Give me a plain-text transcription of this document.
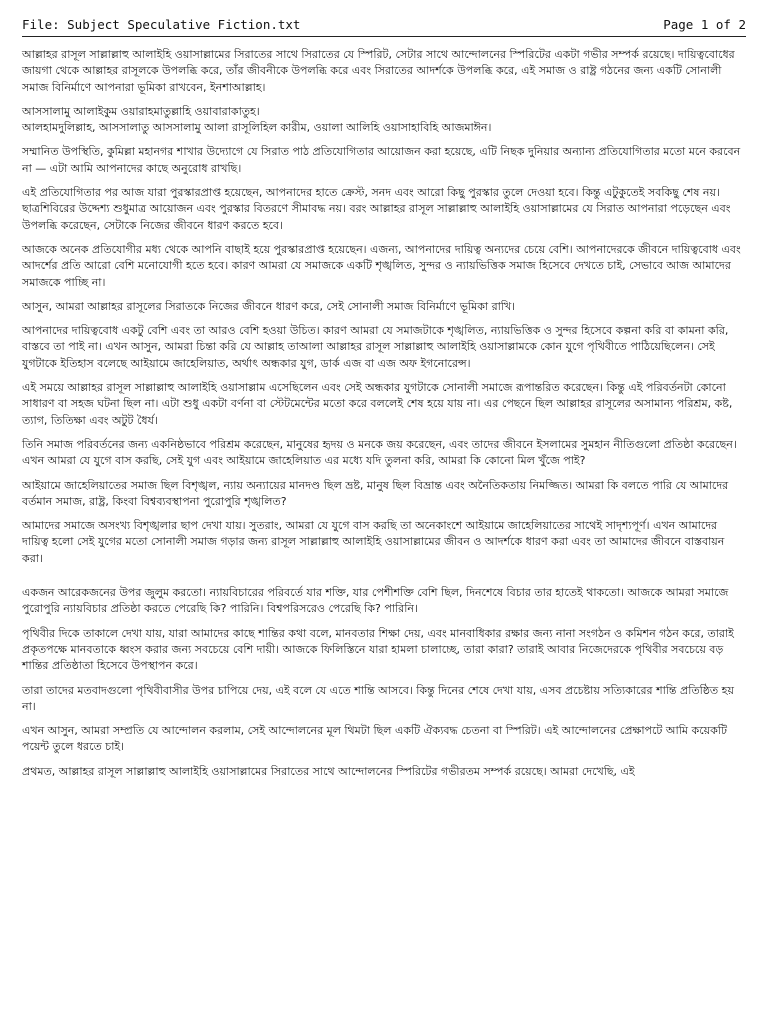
File: Subject Speculative Fiction.txt	Page 1 of 2

আল্লাহর রাসূল সাল্লাল্লাহু আলাইহি ওয়াসাল্লামের সিরাতের সাথে সিরাতের যে স্পিরিট, সেটার সাথে আন্দোলনের স্পিরিটের একটা গভীর সম্পর্ক রয়েছে। দায়িত্ববোধের জায়গা থেকে আল্লাহর রাসূলকে উপলব্ধি করে, তাঁর জীবনীকে উপলব্ধি করে এবং সিরাতের আদর্শকে উপলব্ধি করে, এই সমাজ ও রাষ্ট্র গঠনের জন্য একটি সোনালী সমাজ বিনির্মাণে আপনারা ভূমিকা রাখবেন, ইনশাআল্লাহ।

আসসালামু আলাইকুম ওয়ারাহমাতুল্লাহি ওয়াবারাকাতুহ।
আলহামদুলিল্লাহ, আসসালাতু আসসালামু আলা রাসূলিহিল কারীম, ওয়ালা আলিহি ওয়াসাহাবিহি আজমাঈন।

সম্মানিত উপস্থিতি, কুমিল্লা মহানগর শাখার উদ্যোগে যে সিরাত পাঠ প্রতিযোগিতার আয়োজন করা হয়েছে, এটি নিছক দুনিয়ার অন্যান্য প্রতিযোগিতার মতো মনে করবেন না — এটা আমি আপনাদের কাছে অনুরোধ রাখছি।

এই প্রতিযোগিতার পর আজ যারা পুরস্কারপ্রাপ্ত হয়েছেন, আপনাদের হাতে ক্রেস্ট, সনদ এবং আরো কিছু পুরস্কার তুলে দেওয়া হবে। কিন্তু এটুকুতেই সবকিছু শেষ নয়।
ছাত্রশিবিরের উদ্দেশ্য শুধুমাত্র আয়োজন এবং পুরস্কার বিতরণে সীমাবদ্ধ নয়। বরং আল্লাহর রাসূল সাল্লাল্লাহু আলাইহি ওয়াসাল্লামের যে সিরাত আপনারা পড়েছেন এবং উপলব্ধি করেছেন, সেটাকে নিজের জীবনে ধারণ করতে হবে।

আজকে অনেক প্রতিযোগীর মধ্য থেকে আপনি বাছাই হয়ে পুরস্কারপ্রাপ্ত হয়েছেন। এজন্য, আপনাদের দায়িত্ব অন্যদের চেয়ে বেশি। আপনাদেরকে জীবনে দায়িত্ববোধ এবং আদর্শের প্রতি আরো বেশি মনোযোগী হতে হবে। কারণ আমরা যে সমাজকে একটি শৃঙ্খলিত, সুন্দর ও ন্যায়ভিত্তিক সমাজ হিসেবে দেখতে চাই, সেভাবে আজ আমাদের সমাজকে পাচ্ছি না।

আসুন, আমরা আল্লাহর রাসূলের সিরাতকে নিজের জীবনে ধারণ করে, সেই সোনালী সমাজ বিনির্মাণে ভূমিকা রাখি।

আপনাদের দায়িত্ববোধ একটু বেশি এবং তা আরও বেশি হওয়া উচিত। কারণ আমরা যে সমাজটাকে শৃঙ্খলিত, ন্যায়ভিত্তিক ও সুন্দর হিসেবে কল্পনা করি বা কামনা করি, বাস্তবে তা পাই না। এখন আসুন, আমরা চিন্তা করি যে আল্লাহ তাআলা আল্লাহর রাসূল সাল্লাল্লাহু আলাইহি ওয়াসাল্লামকে কোন যুগে পৃথিবীতে পাঠিয়েছিলেন। সেই যুগটাকে ইতিহাস বলেছে আইয়ামে জাহেলিয়াত, অর্থাৎ অন্ধকার যুগ, ডার্ক এজ বা এজ অফ ইগনোরেন্স।

এই সময়ে আল্লাহর রাসূল সাল্লাল্লাহু আলাইহি ওয়াসাল্লাম এসেছিলেন এবং সেই অন্ধকার যুগটাকে সোনালী সমাজে রূপান্তরিত করেছেন। কিন্তু এই পরিবর্তনটা কোনো সাধারণ বা সহজ ঘটনা ছিল না। এটা শুধু একটা বর্ণনা বা স্টেটমেন্টের মতো করে বললেই শেষ হয়ে যায় না। এর পেছনে ছিল আল্লাহর রাসূলের অসামান্য পরিশ্রম, কষ্ট, ত্যাগ, তিতিক্ষা এবং অটুট ধৈর্য।

তিনি সমাজ পরিবর্তনের জন্য একনিষ্ঠভাবে পরিশ্রম করেছেন, মানুষের হৃদয় ও মনকে জয় করেছেন, এবং তাদের জীবনে ইসলামের সুমহান নীতিগুলো প্রতিষ্ঠা করেছেন। এখন আমরা যে যুগে বাস করছি, সেই যুগ এবং আইয়ামে জাহেলিয়াত এর মধ্যে যদি তুলনা করি, আমরা কি কোনো মিল খুঁজে পাই?

আইয়ামে জাহেলিয়াতের সমাজ ছিল বিশৃঙ্খল, ন্যায় অন্যায়ের মানদণ্ড ছিল ভ্রষ্ট, মানুষ ছিল বিভ্রান্ত এবং অনৈতিকতায় নিমজ্জিত। আমরা কি বলতে পারি যে আমাদের বর্তমান সমাজ, রাষ্ট্র, কিংবা বিশ্বব্যবস্থাপনা পুরোপুরি শৃঙ্খলিত?

আমাদের সমাজে অসংখ্য বিশৃঙ্খলার ছাপ দেখা যায়। সুতরাং, আমরা যে যুগে বাস করছি তা অনেকাংশে আইয়ামে জাহেলিয়াতের সাথেই সাদৃশ্যপূর্ণ। এখন আমাদের দায়িত্ব হলো সেই যুগের মতো সোনালী সমাজ গড়ার জন্য রাসূল সাল্লাল্লাহু আলাইহি ওয়াসাল্লামের জীবন ও আদর্শকে ধারণ করা এবং তা আমাদের জীবনে বাস্তবায়ন করা।

একজন আরেকজনের উপর জুলুম করতো। ন্যায়বিচারের পরিবর্তে যার শক্তি, যার পেশীশক্তি বেশি ছিল, দিনশেষে বিচার তার হাতেই থাকতো। আজকে আমরা সমাজে পুরোপুরি ন্যায়বিচার প্রতিষ্ঠা করতে পেরেছি কি? পারিনি। বিশ্বপরিসরেও পেরেছি কি? পারিনি।

পৃথিবীর দিকে তাকালে দেখা যায়, যারা আমাদের কাছে শান্তির কথা বলে, মানবতার শিক্ষা দেয়, এবং মানবাধিকার রক্ষার জন্য নানা সংগঠন ও কমিশন গঠন করে, তারাই প্রকৃতপক্ষে মানবতাকে ধ্বংস করার জন্য সবচেয়ে বেশি দায়ী। আজকে ফিলিস্তিনে যারা হামলা চালাচ্ছে, তারা কারা? তারাই আবার নিজেদেরকে পৃথিবীর সবচেয়ে বড় শান্তির প্রতিষ্ঠাতা হিসেবে উপস্থাপন করে।

তারা তাদের মতবাদগুলো পৃথিবীবাসীর উপর চাপিয়ে দেয়, এই বলে যে এতে শান্তি আসবে। কিন্তু দিনের শেষে দেখা যায়, এসব প্রচেষ্টায় সত্যিকারের শান্তি প্রতিষ্ঠিত হয় না।

এখন আসুন, আমরা সম্প্রতি যে আন্দোলন করলাম, সেই আন্দোলনের মূল থিমটা ছিল একটি ঐক্যবদ্ধ চেতনা বা স্পিরিট। এই আন্দোলনের প্রেক্ষাপটে আমি কয়েকটি পয়েন্ট তুলে ধরতে চাই।

প্রথমত, আল্লাহর রাসূল সাল্লাল্লাহু আলাইহি ওয়াসাল্লামের সিরাতের সাথে আন্দোলনের স্পিরিটের গভীরতম সম্পর্ক রয়েছে। আমরা দেখেছি, এই
